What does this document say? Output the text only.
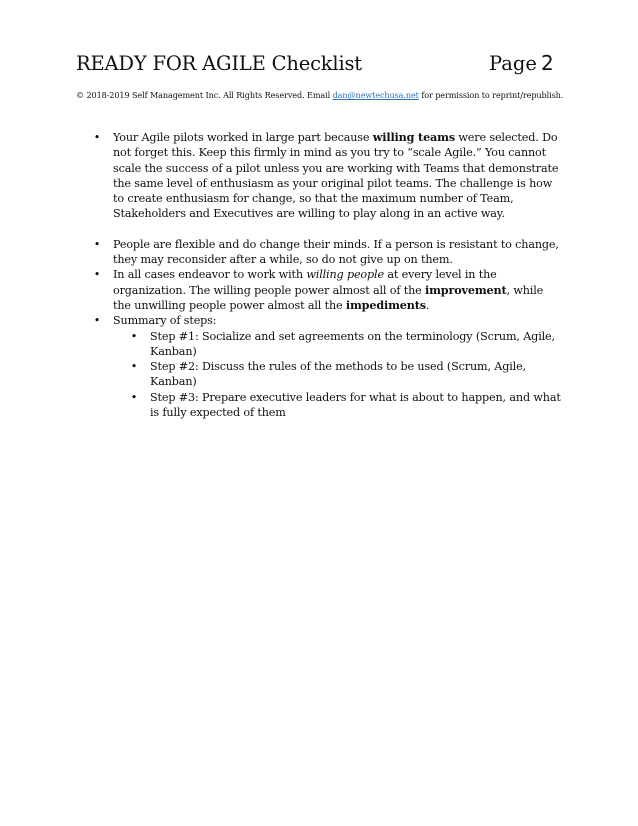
READY FOR AGILE Checklist	Page 2
© 2018-2019 Self Management Inc. All Rights Reserved. Email dan@newtechusa.net for permission to reprint/republish.
• Your Agile pilots worked in large part because willing teams were selected. Do not forget this. Keep this firmly in mind as you try to “scale Agile.” You cannot scale the success of a pilot unless you are working with Teams that demonstrate the same level of enthusiasm as your original pilot teams. The challenge is how to create enthusiasm for change, so that the maximum number of Team, Stakeholders and Executives are willing to play along in an active way.
• People are flexible and do change their minds. If a person is resistant to change, they may reconsider after a while, so do not give up on them.
• In all cases endeavor to work with willing people at every level in the organization. The willing people power almost all of the improvement, while the unwilling people power almost all the impediments.
• Summary of steps:
• Step #1: Socialize and set agreements on the terminology (Scrum, Agile, Kanban)
• Step #2: Discuss the rules of the methods to be used (Scrum, Agile, Kanban)
• Step #3: Prepare executive leaders for what is about to happen, and what is fully expected of them
